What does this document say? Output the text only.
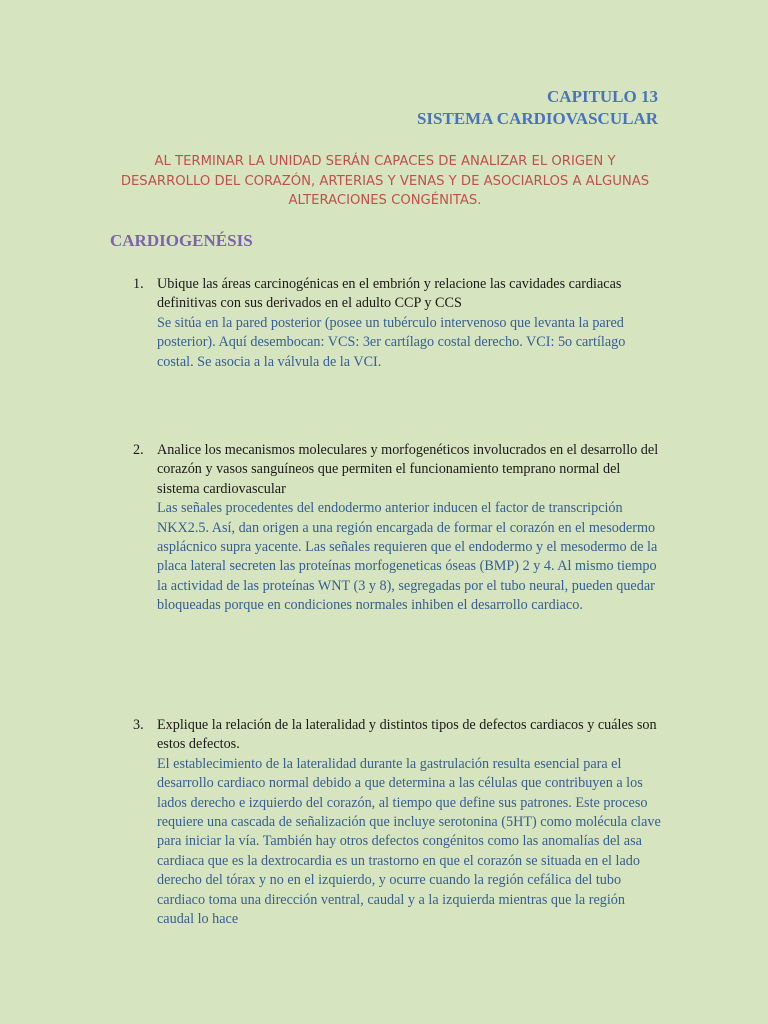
CAPITULO 13
SISTEMA CARDIOVASCULAR
AL TERMINAR LA UNIDAD SERÁN CAPACES DE ANALIZAR EL ORIGEN Y DESARROLLO DEL CORAZÓN, ARTERIAS Y VENAS Y DE ASOCIARLOS A ALGUNAS ALTERACIONES CONGÉNITAS.
CARDIOGENÉSIS
1. Ubique las áreas carcinogénicas en el embrión y relacione las cavidades cardiacas definitivas con sus derivados en el adulto CCP y CCS
Se sitúa en la pared posterior (posee un tubérculo intervenoso que levanta la pared posterior). Aquí desembocan: VCS: 3er cartílago costal derecho. VCI: 5o cartílago costal. Se asocia a la válvula de la VCI.
2. Analice los mecanismos moleculares y morfogenéticos involucrados en el desarrollo del corazón y vasos sanguíneos que permiten el funcionamiento temprano normal del sistema cardiovascular
Las señales procedentes del endodermo anterior inducen el factor de transcripción NKX2.5. Así, dan origen a una región encargada de formar el corazón en el mesodermo asplácnico supra yacente. Las señales requieren que el endodermo y el mesodermo de la placa lateral secreten las proteínas morfogeneticas óseas (BMP) 2 y 4. Al mismo tiempo la actividad de las proteínas WNT (3 y 8), segregadas por el tubo neural, pueden quedar bloqueadas porque en condiciones normales inhiben el desarrollo cardiaco.
3. Explique la relación de la lateralidad y distintos tipos de defectos cardiacos y cuáles son estos defectos.
El establecimiento de la lateralidad durante la gastrulación resulta esencial para el desarrollo cardiaco normal debido a que determina a las células que contribuyen a los lados derecho e izquierdo del corazón, al tiempo que define sus patrones. Este proceso requiere una cascada de señalización que incluye serotonina (5HT) como molécula clave para iniciar la vía. También hay otros defectos congénitos como las anomalías del asa cardiaca que es la dextrocardia es un trastorno en que el corazón se situada en el lado derecho del tórax y no en el izquierdo, y ocurre cuando la región cefálica del tubo cardiaco toma una dirección ventral, caudal y a la izquierda mientras que la región caudal lo hace
